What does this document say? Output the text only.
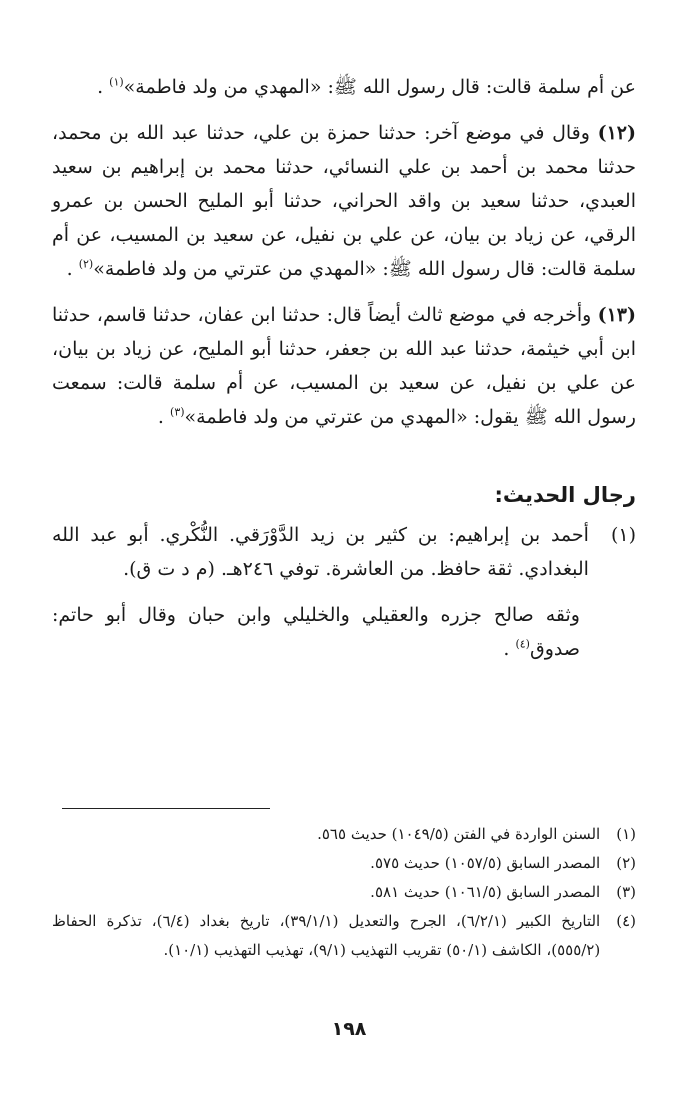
عن أم سلمة قالت: قال رسول الله ﷺ: «المهدي من ولد فاطمة»$^{(١)}$ .

(١٢) وقال في موضع آخر: حدثنا حمزة بن علي، حدثنا عبد الله بن محمد، حدثنا محمد بن أحمد بن علي النسائي، حدثنا محمد بن إبراهيم بن سعيد العبدي، حدثنا سعيد بن واقد الحراني، حدثنا أبو المليح الحسن بن عمرو الرقي، عن زياد بن بيان، عن علي بن نفيل، عن سعيد بن المسيب، عن أم سلمة قالت: قال رسول الله ﷺ: «المهدي من عترتي من ولد فاطمة»$^{(٢)}$ .

(١٣) وأخرجه في موضع ثالث أيضاً قال: حدثنا ابن عفان، حدثنا قاسم، حدثنا ابن أبي خيثمة، حدثنا عبد الله بن جعفر، حدثنا أبو المليح، عن زياد بن بيان، عن علي بن نفيل، عن سعيد بن المسيب، عن أم سلمة قالت: سمعت رسول الله ﷺ يقول: «المهدي من عترتي من ولد فاطمة»$^{(٣)}$ .

رجال الحديث:

(١)
أحمد بن إبراهيم: بن كثير بن زيد الدَّوْرَقي. النُّكْري. أبو عبد الله البغدادي. ثقة حافظ. من العاشرة. توفي ٢٤٦هـ. (م د ت ق).

وثقه صالح جزره والعقيلي والخليلي وابن حبان وقال أبو حاتم: صدوق$^{(٤)}$ .

(١)
السنن الواردة في الفتن (١٠٤٩/٥) حديث ٥٦٥.
(٢)
المصدر السابق (١٠٥٧/٥) حديث ٥٧٥.
(٣)
المصدر السابق (١٠٦١/٥) حديث ٥٨١.
(٤)
التاريخ الكبير (٦/٢/١)، الجرح والتعديل (٣٩/١/١)، تاريخ بغداد (٦/٤)، تذكرة الحفاظ (٥٥٥/٢)، الكاشف (٥٠/١) تقريب التهذيب (٩/١)، تهذيب التهذيب (١٠/١).
١٩٨
